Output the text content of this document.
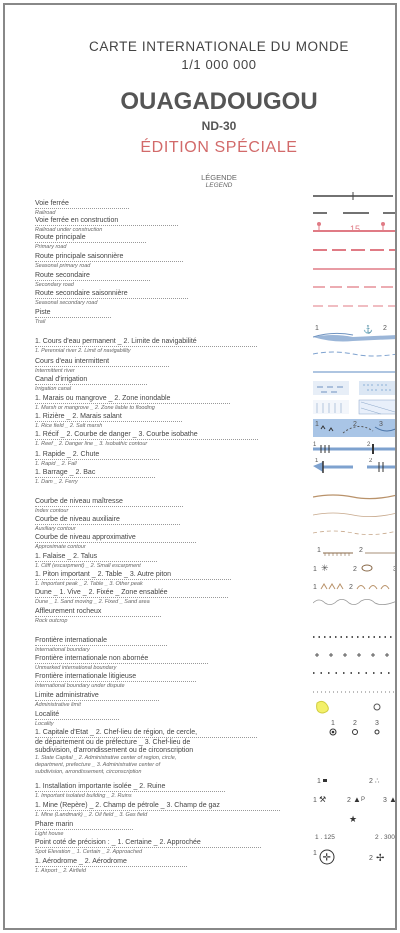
CARTE INTERNATIONALE DU MONDE
1/1 000 000
OUAGADOUGOU
ND-30
ÉDITION SPÉCIALE
LÉGENDE
LEGEND
Voie ferrée
Railroad
Voie ferrée en construction
Railroad under construction
Route principale
Primary road
Route principale saisonnière
Seasonal primary road
Route secondaire
Secondary road
Route secondaire saisonnière
Seasonal secondary road
Piste
Trail
1. Cours d'eau permanent _ 2. Limite de navigabilité
1. Perennial river 2. Limit of navigability
Cours d'eau intermittent
Intermittent river
Canal d'irrigation
Irrigation canal
1. Marais ou mangrove _ 2. Zone inondable
1. Marsh or mangrove _ 2. Zone liable to flooding
1. Rizière _ 2. Marais salant
1. Rice field _ 2. Salt marsh
1. Récif _ 2. Courbe de danger _ 3. Courbe isobathe
1. Reef _ 2. Danger line _ 3. Isobathic contour
1. Rapide _ 2. Chute
1. Rapid _ 2. Fall
1. Barrage _ 2. Bac
1. Dam _ 2. Ferry
Courbe de niveau maîtresse
Index contour
Courbe de niveau auxiliaire
Auxiliary contour
Courbe de niveau approximative
Approximate contour
1. Falaise _ 2. Talus
1. Cliff (escarpment) _ 2. Small escarpment
1. Piton important _ 2. Table _ 3. Autre piton
1. Important peak _ 2. Table _ 3. Other peak
Dune _ 1. Vive _ 2. Fixée _ Zone ensablée
Dune _ 1. Sand moving _ 2. Fixed _ Sand area
Affleurement rocheux
Rock outcrop
Frontière internationale
International boundary
Frontière internationale non abornée
Unmarked international boundary
Frontière internationale litigieuse
International boundary under dispute
Limite administrative
Administrative limit
Localité
Locality
1. Capitale d'Etat _ 2. Chef-lieu de région, de cercle,
de département ou de préfecture _ 3. Chef-lieu de
subdivision, d'arrondissement ou de circonscription
1. State Capital _ 2. Administrative center of region, circle,
department, prefecture _ 3. Administrative center of
subdivision, arrondissement, circonscription
1. Installation importante isolée _ 2. Ruine
1. Important isolated building _ 2. Ruins
1. Mine (Repère) _ 2. Champ de pétrole _ 3. Champ de gaz
1. Mine (Landmark) _ 2. Oil field _ 3. Gas field
Phare marin
Light house
Point coté de précision : _ 1. Certaine _ 2. Approchée
Spot Elevation _ 1. Certain _ 2. Approached
1. Aérodrome _ 2. Aérodrome
1. Airport _ 2. Airfield
15
1	⚓ 2
1	2	3
1	2
1	2
1	2
1 ✳	2	3
1	2
1	2	3
1	2 ∴
1 ⚒	2 ▲ P	3 ▲
★
1 . 125	2 . 300
1 ✛	2 ✢
